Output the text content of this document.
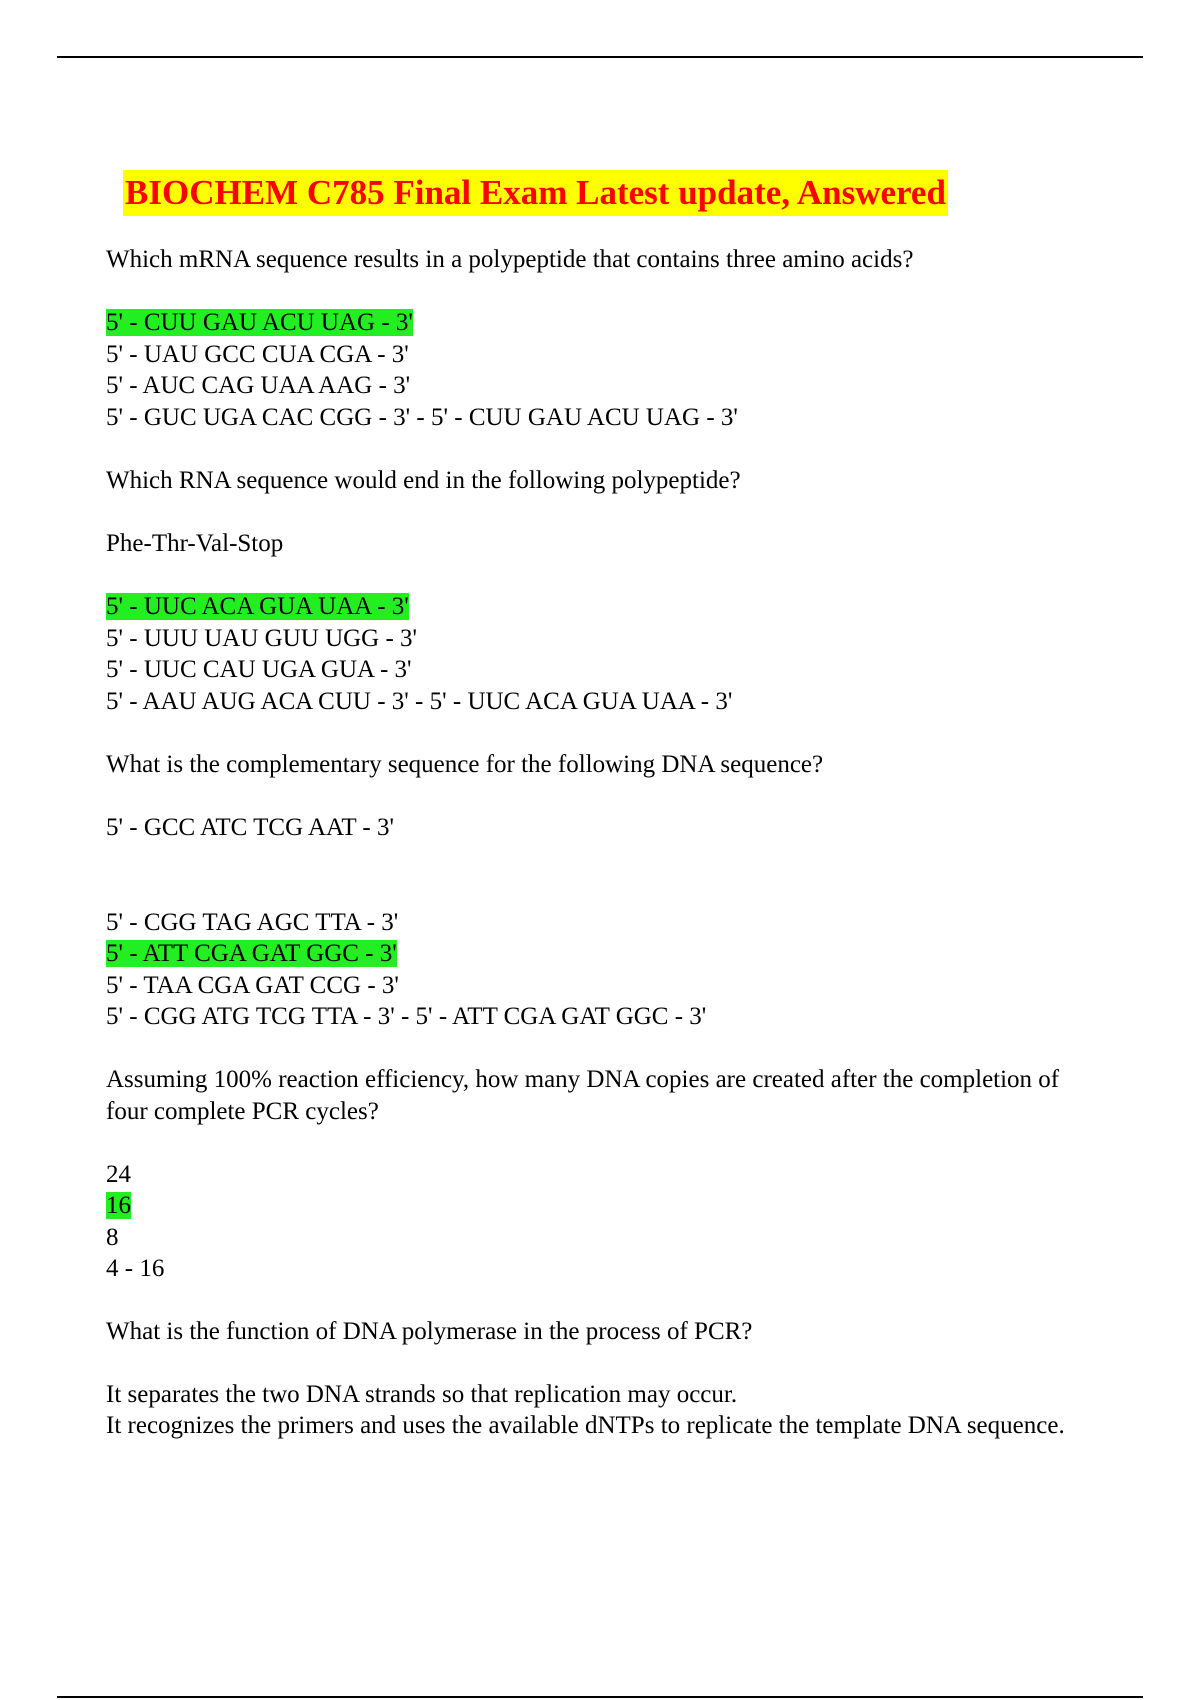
BIOCHEM C785 Final Exam Latest update, Answered
Which mRNA sequence results in a polypeptide that contains three amino acids?
5' - CUU GAU ACU UAG - 3'
5' - UAU GCC CUA CGA - 3'
5' - AUC CAG UAA AAG - 3'
5' - GUC UGA CAC CGG - 3' - 5' - CUU GAU ACU UAG - 3'
Which RNA sequence would end in the following polypeptide?
Phe-Thr-Val-Stop
5' - UUC ACA GUA UAA - 3'
5' - UUU UAU GUU UGG - 3'
5' - UUC CAU UGA GUA - 3'
5' - AAU AUG ACA CUU - 3' - 5' - UUC ACA GUA UAA - 3'
What is the complementary sequence for the following DNA sequence?
5' - GCC ATC TCG AAT - 3'
5' - CGG TAG AGC TTA - 3'
5' - ATT CGA GAT GGC - 3'
5' - TAA CGA GAT CCG - 3'
5' - CGG ATG TCG TTA - 3' - 5' - ATT CGA GAT GGC - 3'
Assuming 100% reaction efficiency, how many DNA copies are created after the completion of four complete PCR cycles?
24
16
8
4 - 16
What is the function of DNA polymerase in the process of PCR?
It separates the two DNA strands so that replication may occur.
It recognizes the primers and uses the available dNTPs to replicate the template DNA sequence.
